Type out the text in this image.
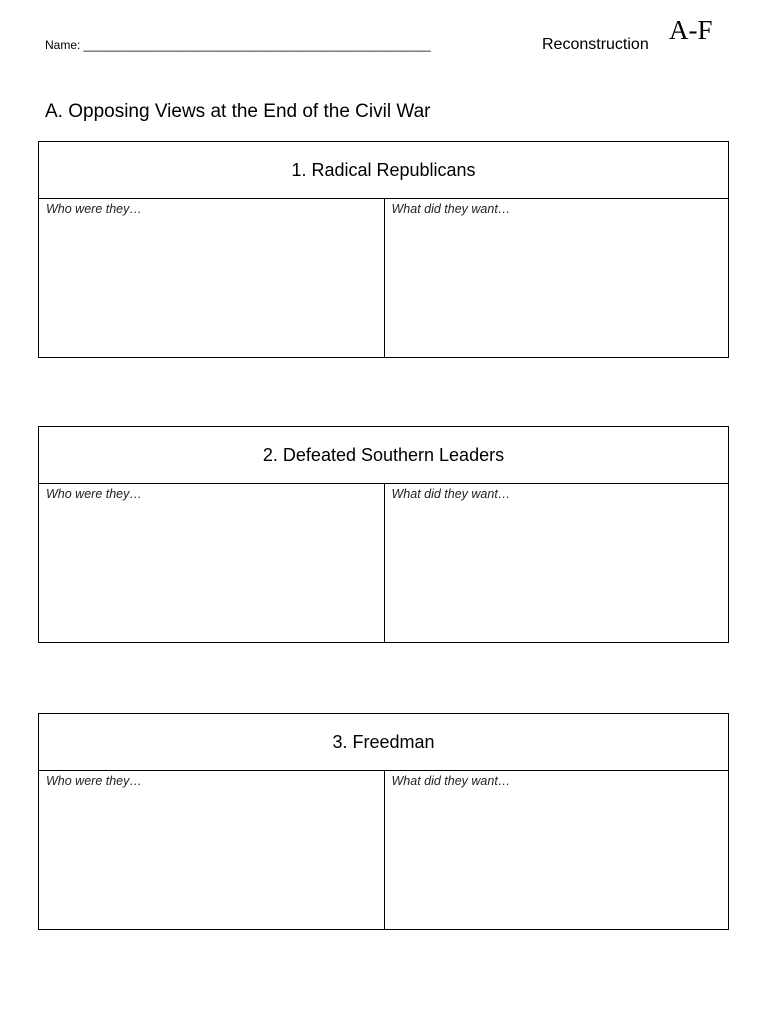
Name: ____________________________________________________	Reconstruction A-F
A. Opposing Views at the End of the Civil War
1. Radical Republicans
Who were they…	What did they want…
2. Defeated Southern Leaders
Who were they…	What did they want…
3. Freedman
Who were they…	What did they want…
